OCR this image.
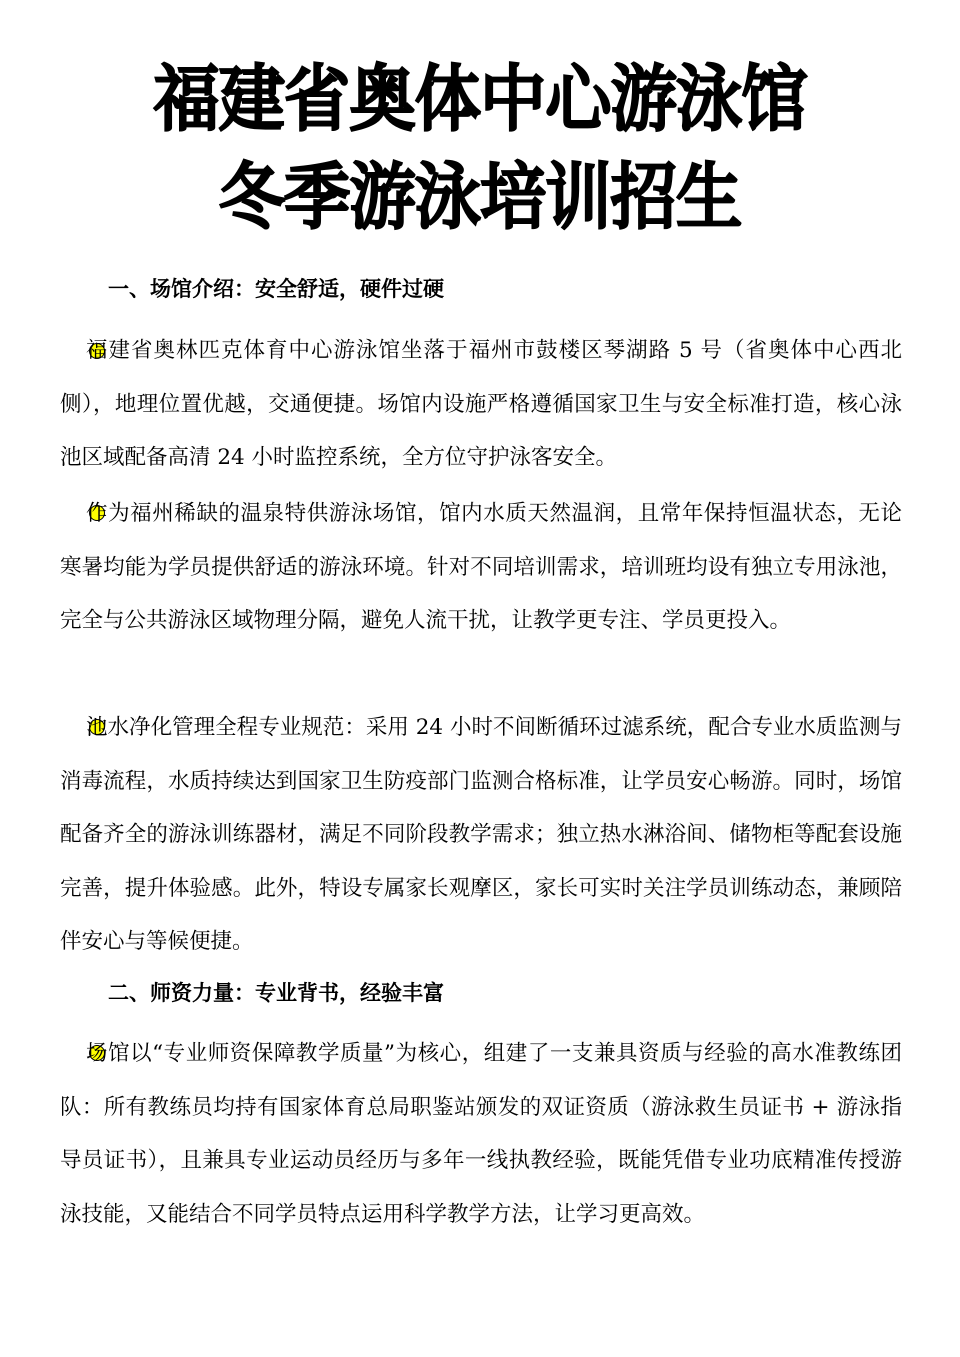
福建省奥体中心游泳馆
冬季游泳培训招生
一、场馆介绍：安全舒适，硬件过硬

福建省奥林匹克体育中心游泳馆坐落于福州市鼓楼区琴湖路 5 号（省奥体中心西北侧），地理位置优越，交通便捷。场馆内设施严格遵循国家卫生与安全标准打造，核心泳池区域配备高清 24 小时监控系统，全方位守护泳客安全。

作为福州稀缺的温泉特供游泳场馆，馆内水质天然温润，且常年保持恒温状态，无论寒暑均能为学员提供舒适的游泳环境。针对不同培训需求，培训班均设有独立专用泳池，完全与公共游泳区域物理分隔，避免人流干扰，让教学更专注、学员更投入。

池水净化管理全程专业规范：采用 24 小时不间断循环过滤系统，配合专业水质监测与消毒流程，水质持续达到国家卫生防疫部门监测合格标准，让学员安心畅游。同时，场馆配备齐全的游泳训练器材，满足不同阶段教学需求；独立热水淋浴间、储物柜等配套设施完善，提升体验感。此外，特设专属家长观摩区，家长可实时关注学员训练动态，兼顾陪伴安心与等候便捷。

二、师资力量：专业背书，经验丰富

场馆以“专业师资保障教学质量”为核心，组建了一支兼具资质与经验的高水准教练团队：所有教练员均持有国家体育总局职鉴站颁发的双证资质（游泳救生员证书 + 游泳指导员证书），且兼具专业运动员经历与多年一线执教经验，既能凭借专业功底精准传授游泳技能，又能结合不同学员特点运用科学教学方法，让学习更高效。
